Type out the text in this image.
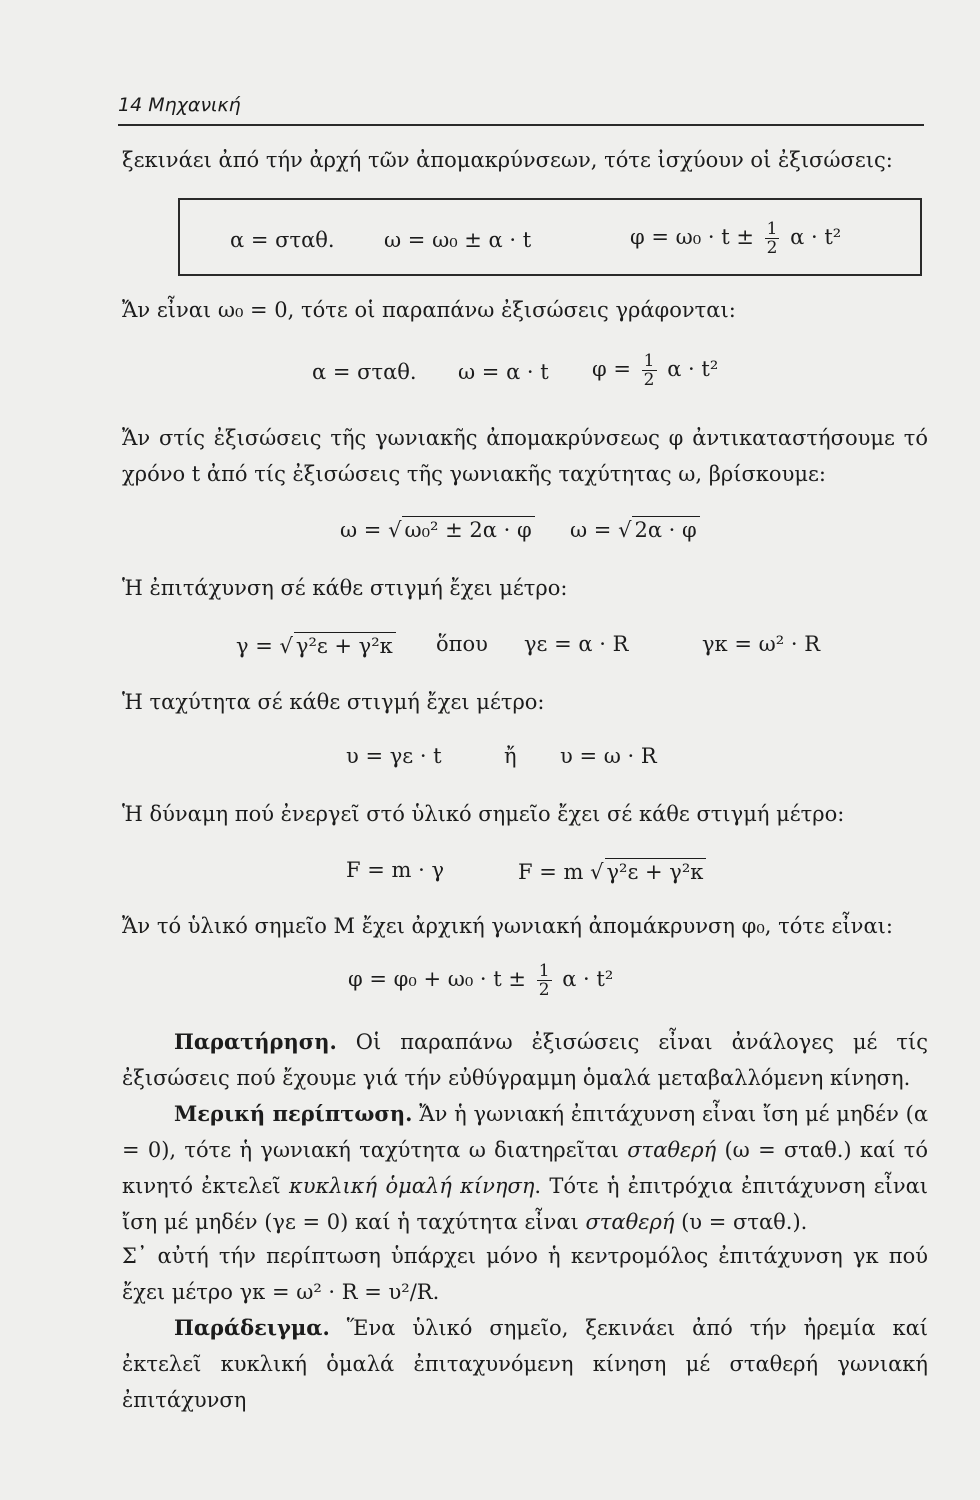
14 Μηχανική
ξεκινάει ἀπό τήν ἀρχή τῶν ἀπομακρύνσεων, τότε ἰσχύουν οἱ ἐξισώσεις:
α = σταθ. ω = ω₀ ± α · t	$\varphi = \omega_0 \cdot t \pm \frac{1}{2}$ α · t²
Ἄν εἶναι ω₀ = 0, τότε οἱ παραπάνω ἐξισώσεις γράφονται:
α = σταθ. ω = α · t $\varphi = \frac{1}{2}$ α · t²
Ἄν στίς ἐξισώσεις τῆς γωνιακῆς ἀπομακρύνσεως φ ἀντικαταστήσουμε τό χρόνο t ἀπό τίς ἐξισώσεις τῆς γωνιακῆς ταχύτητας ω, βρίσκουμε:
ω = √ ω₀² ± 2α · φ ω = √ 2α · φ
Ἡ ἐπιτάχυνση σέ κάθε στιγμή ἔχει μέτρο:
γ = √ γ²ε + γ²κ ὅπου γε = α · R	γκ = ω² · R
Ἡ ταχύτητα σέ κάθε στιγμή ἔχει μέτρο:
υ = γε · t	ἤ υ = ω · R
Ἡ δύναμη πού ἐνεργεῖ στό ὑλικό σημεῖο ἔχει σέ κάθε στιγμή μέτρο:
F = m · γ	F = m √ γ²ε + γ²κ
Ἄν τό ὑλικό σημεῖο Μ ἔχει ἀρχική γωνιακή ἀπομάκρυνση φ₀, τότε εἶναι:
$\varphi = \varphi_0 + \omega_0 \cdot t \pm \frac{1}{2}$ α · t²
Παρατήρηση. Οἱ παραπάνω ἐξισώσεις εἶναι ἀνάλογες μέ τίς ἐξισώσεις πού ἔχουμε γιά τήν εὐθύγραμμη ὁμαλά μεταβαλλόμενη κίνηση.
Μερική περίπτωση. Ἄν ἡ γωνιακή ἐπιτάχυνση εἶναι ἴση μέ μηδέν (α = 0), τότε ἡ γωνιακή ταχύτητα ω διατηρεῖται σταθερή (ω = σταθ.) καί τό κινητό ἐκτελεῖ κυκλική ὁμαλή κίνηση. Τότε ἡ ἐπιτρόχια ἐπιτάχυνση εἶναι ἴση μέ μηδέν (γε = 0) καί ἡ ταχύτητα εἶναι σταθερή (υ = σταθ.).
Σ᾽ αὐτή τήν περίπτωση ὑπάρχει μόνο ἡ κεντρομόλος ἐπιτάχυνση γκ πού ἔχει μέτρο γκ = ω² · R = υ²/R.
Παράδειγμα. Ἕνα ὑλικό σημεῖο, ξεκινάει ἀπό τήν ἠρεμία καί ἐκτελεῖ κυκλική ὁμαλά ἐπιταχυνόμενη κίνηση μέ σταθερή γωνιακή ἐπιτάχυνση
